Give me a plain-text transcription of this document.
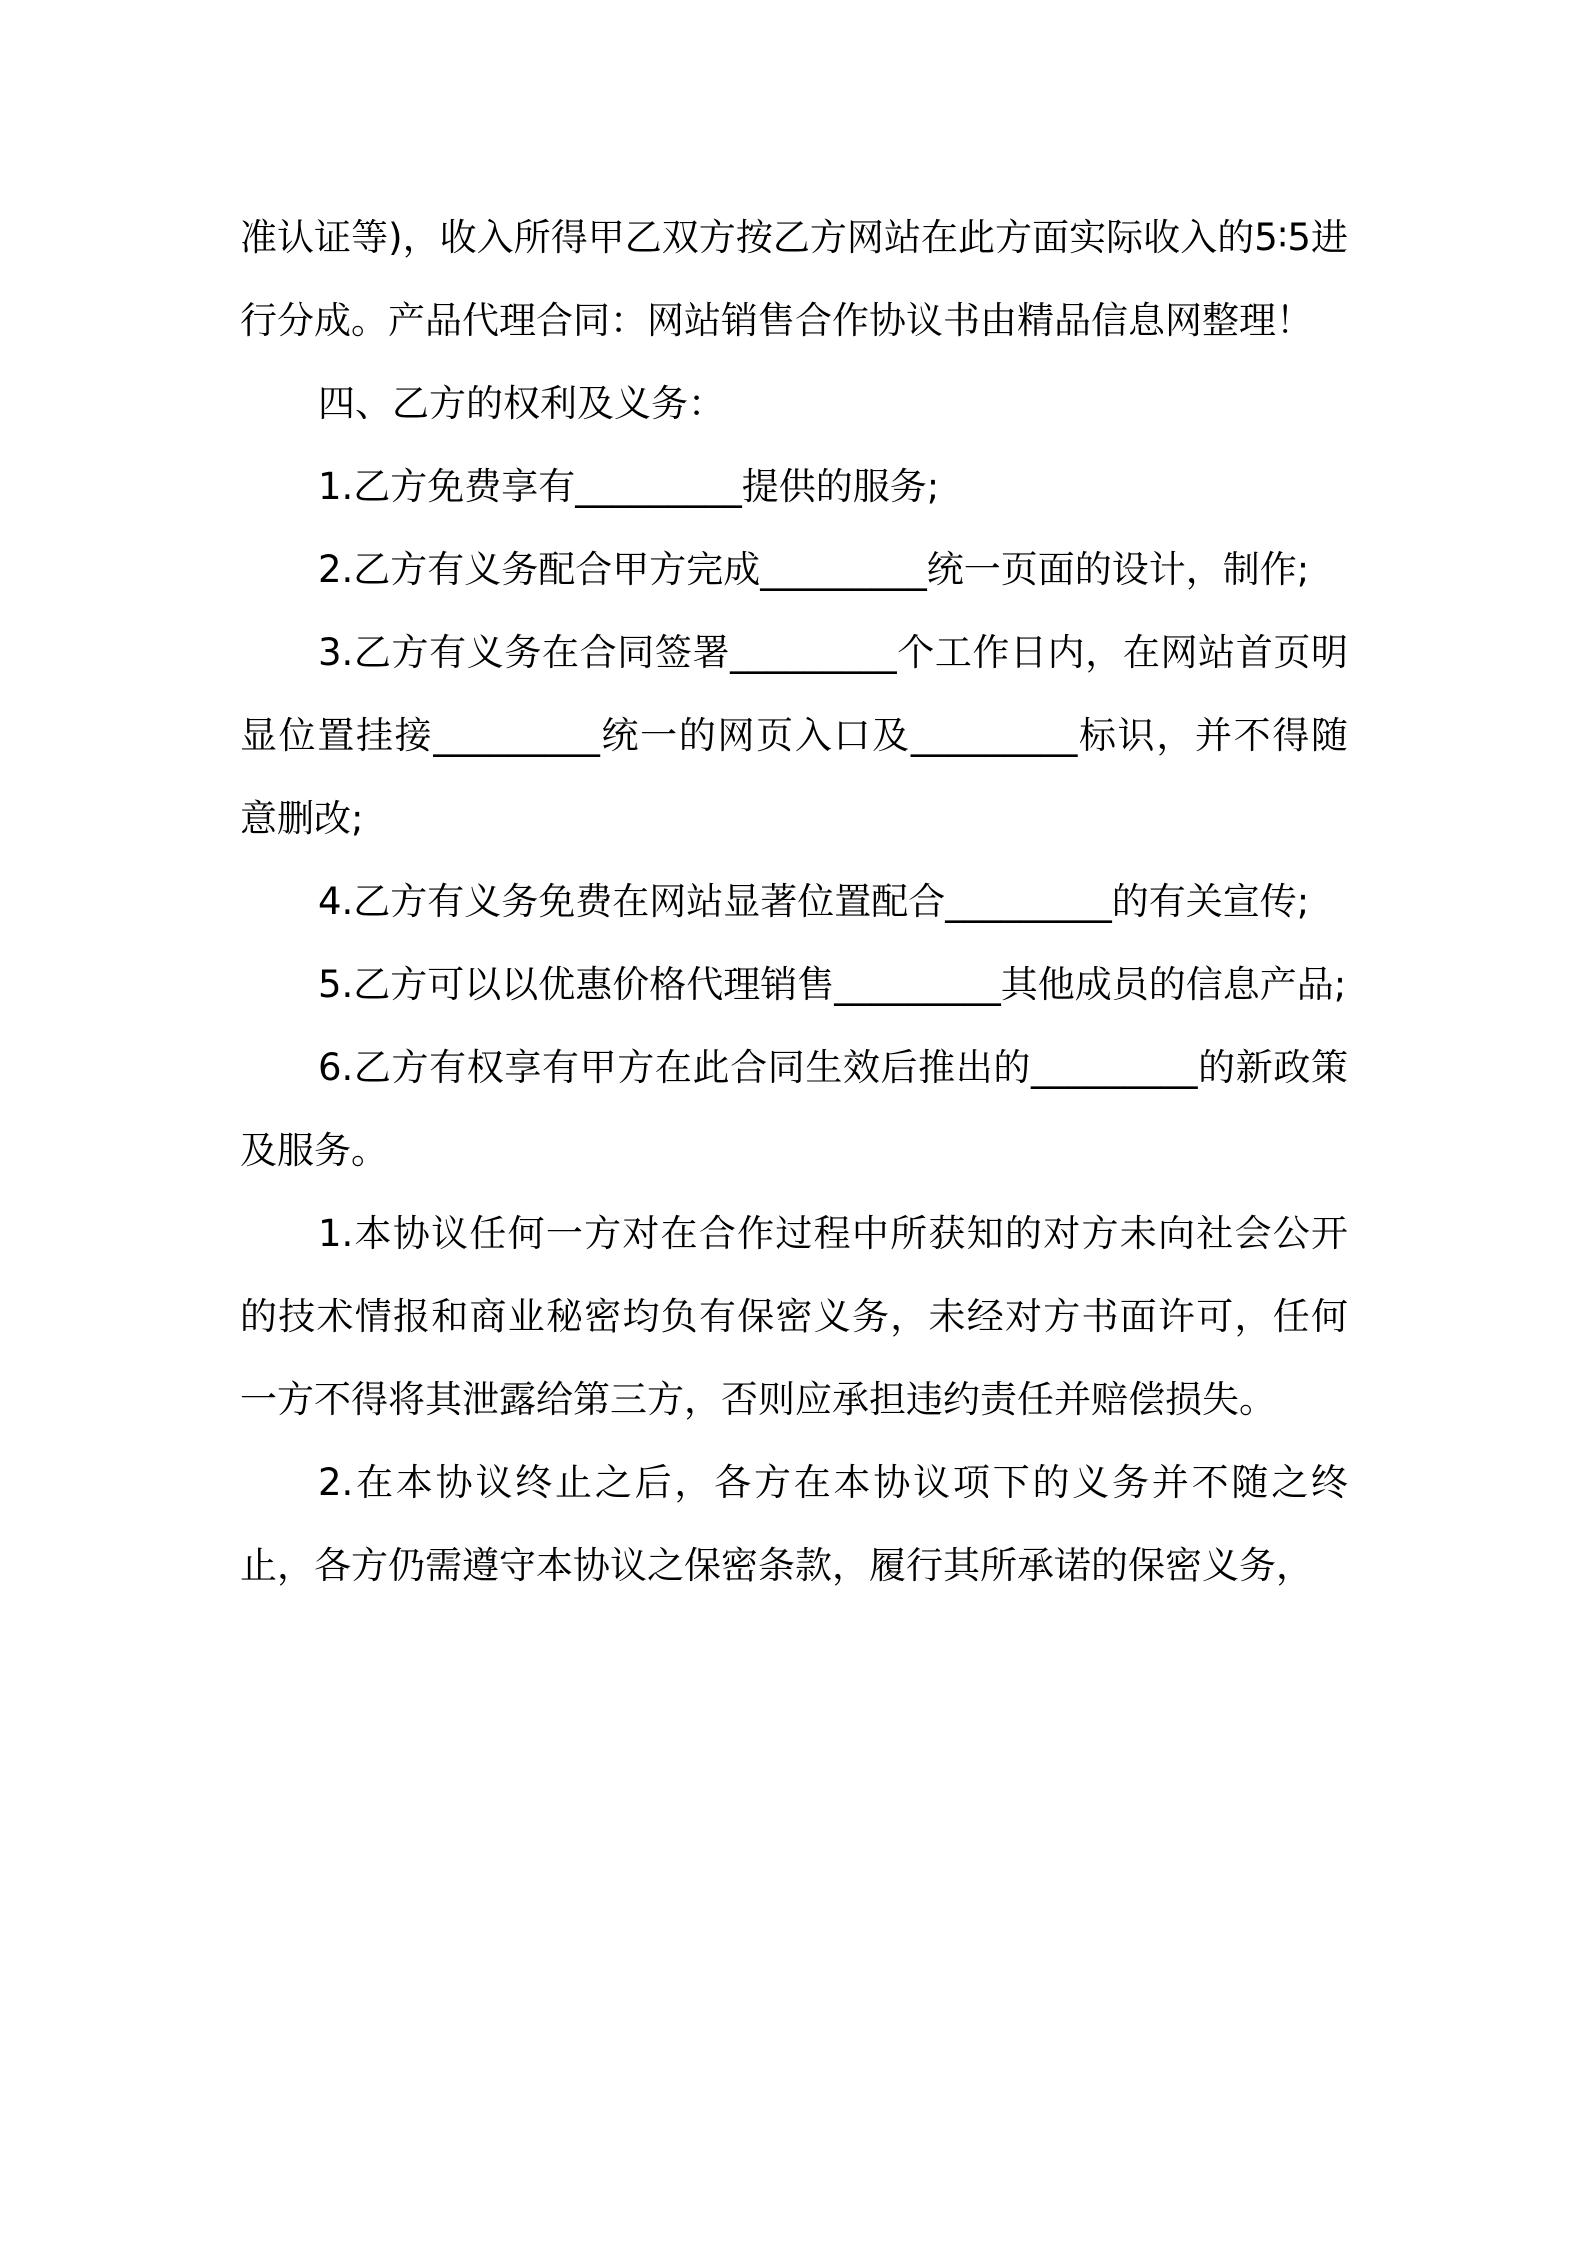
准认证等)，收入所得甲乙双方按乙方网站在此方面实际收入的5∶5进行分成。产品代理合同：网站销售合作协议书由精品信息网整理！

四、乙方的权利及义务：

1.乙方免费享有_________提供的服务;

2.乙方有义务配合甲方完成_________统一页面的设计，制作;

3.乙方有义务在合同签署_________个工作日内，在网站首页明显位置挂接_________统一的网页入口及_________标识，并不得随意删改;

4.乙方有义务免费在网站显著位置配合_________的有关宣传;

5.乙方可以以优惠价格代理销售_________其他成员的信息产品;

6.乙方有权享有甲方在此合同生效后推出的_________的新政策及服务。

1.本协议任何一方对在合作过程中所获知的对方未向社会公开的技术情报和商业秘密均负有保密义务，未经对方书面许可，任何一方不得将其泄露给第三方，否则应承担违约责任并赔偿损失。

2.在本协议终止之后，各方在本协议项下的义务并不随之终止，各方仍需遵守本协议之保密条款，履行其所承诺的保密义务，
